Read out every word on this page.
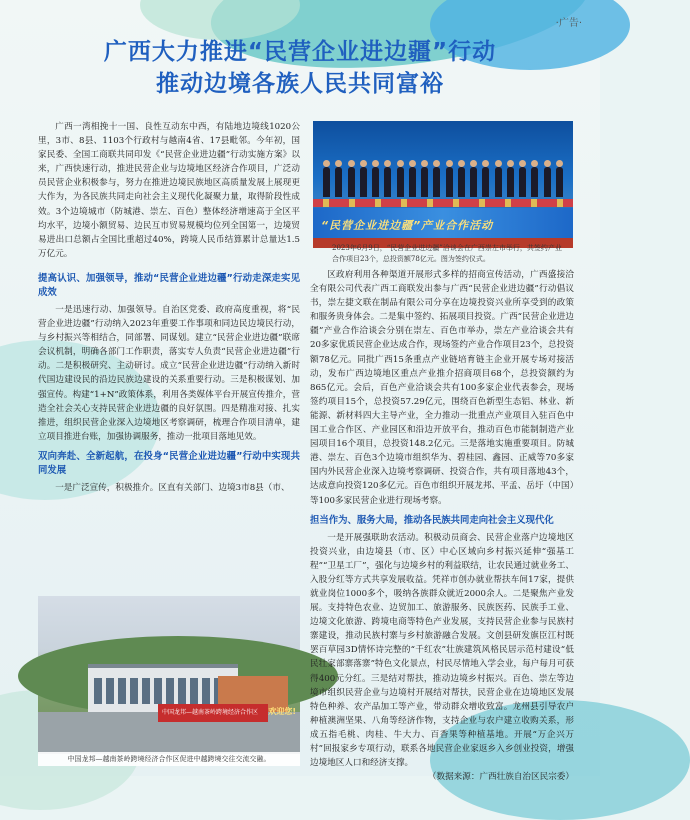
·广告·
广西大力推进“民营企业进边疆”行动
推动边境各族人民共同富裕

广西一湾相挽十一国、良性互动东中西，有陆地边境线1020公里，3市、8县、1103个行政村与越南4省、17县毗邻。今年初，国家民委、全国工商联共同印发《“民营企业进边疆”行动实施方案》以来，广西快速行动，推进民营企业与边境地区经济合作项目，广泛动员民营企业积极参与，努力在推进边境民族地区高质量发展上展现更大作为，为各民族共同走向社会主义现代化凝聚力量，取得阶段性成效。3个边境城市（防城港、崇左、百色）整体经济增速高于全区平均水平，边境小额贸易、边民互市贸易规模均位列全国第一，边境贸易进出口总额占全国比重超过40%，跨境人民币结算累计总量达1.5万亿元。

“民营企业进边疆”产业合作活动
2023年6月9日，“民营企业进边疆”洽谈会在广西崇左市举行，共签约产业合作项目23个，总投资额78亿元。图为签约仪式。
提高认识、加强领导，推动“民营企业进边疆”行动走深走实见成效

一是迅速行动、加强领导。自治区党委、政府高度重视，将“民营企业进边疆”行动纳入2023年重要工作事项和同边民边境民行动，与乡村振兴等相结合，同部署、同谋划。建立“民营企业进边疆”联席会议机制，明确各部门工作职责，落实专人负责“民营企业进边疆”行动。二是积极研究、主动研讨。成立“民营企业进边疆”行动纳入新时代国边建设民的沿边民族边建设的关系重要行动。三是积极谋划、加强宣传。构建“1+N”政策体系，利用各类媒体平台开展宣传推介，营造全社会关心支持民营企业进边疆的良好氛围。四是精准对接、扎实推进，组织民营企业深入边境地区考察调研，梳理合作项目清单，建立项目推进台账，加强协调服务，推动一批项目落地见效。

双向奔赴、全新起航，在投身“民营企业进边疆”行动中实现共同发展

一是广泛宣传，积极推介。区直有关部门、边境3市8县（市、

中国龙邦—越南茶岭跨境经济合作区	欢迎您!
中国龙邦—越南茶岭跨境经济合作区促进中越跨境交往交流交融。

区政府利用各种渠道开展形式多样的招商宣传活动，广西盛接洽全有限公司代表广西工商联发出参与广西“民营企业进边疆”行动倡议书，崇左捷文联在制品有限公司分享在边境投资兴业所享受到的政策和服务贵身体会。二是集中签约、拓展项目投资。广西“民营企业进边疆”产业合作洽谈会分别在崇左、百色市举办，崇左产业洽谈会共有20多家优质民营企业达成合作，现场签约产业合作项目23个，总投资额78亿元。同批广西15条重点产业链培育链主企业开展专场对接活动，发布广西边境地区重点产业推介招商项目68个，总投资额约为865亿元。会后，百色产业洽谈会共有100多家企业代表参会，现场签约项目15个，总投资57.29亿元，围绕百色新型生态铝、林业、新能源、新材料四大主导产业，全力推动一批重点产业项目入驻百色中国工业合作区、产业园区和沿边开放平台，推动百色市能制制造产业园项目16个项目，总投资148.2亿元。三是落地实施重要项目。防城港、崇左、百色3个边境市组织华为、碧桂园、鑫园、正威等70多家国内外民营企业深入边境考察调研、投资合作，共有项目落地43个，达成意向投资120多亿元。百色市组织开展龙邦、平孟、岳圩（中国）等100多家民营企业进行现场考察。

担当作为、服务大局，推动各民族共同走向社会主义现代化

一是开展强联助农活动。积极动员商会、民营企业落户边境地区投资兴业，由边境县（市、区）中心区域向乡村振兴延伸“强基工程”“卫星工厂”，强化与边境乡村的利益联结，让农民通过就业务工、入股分红等方式共享发展收益。凭祥市创办就业帮扶车间17家，提供就业岗位1000多个，吸纳各族群众就近2000余人。二是聚焦产业发展。支持特色农业、边贸加工、旅游服务、民族医药、民族手工业、边境文化旅游、跨境电商等特色产业发展，支持民营企业参与民族村寨建设，推动民族村寨与乡村旅游融合发展。文创县研发旗臣江村既罢百草园3D情怀诗完整的“千红农”壮族建筑风格民居示范村建设“低民壮家部寨落寨”特色文化景点，村民尽情地入学会业，每户每月可获得400元分红。三是结对帮扶，推动边境乡村振兴。百色、崇左等边境市组织民营企业与边境村开展结对帮扶，民营企业在边境地区发展特色种养、农产品加工等产业，带动群众增收致富。龙州县引导农户种植澳洲坚果、八角等经济作物，支持企业与农户建立收购关系，形成五指毛桃、肉桂、牛大力、百香果等种植基地。开展“万企兴万村”回报家乡专项行动，联系各地民营企业家返乡入乡创业投资，增强边境地区人口和经济支撑。

（数据来源：广西壮族自治区民宗委）
